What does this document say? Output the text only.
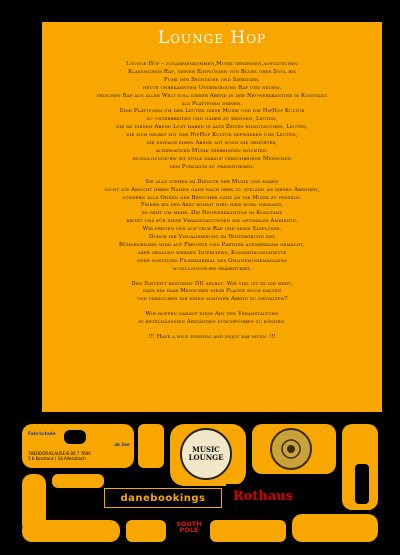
Lounge Hop

Lounge Hop – zusammenkommen,Musik geniessen,austauschen
Klassischem Rap, seinen Einflüssen von Blues über Soul bis
Funk der Sechziger und Siebziger,
heute unbekanntem Underground Rap und neuem,
frischen Rap aus aller Welt soll dieser Abend in der Neuwerkkantine in Konstanz
als Plattform dienen.
Eine Plattform um den Leuten diese Musik und die HipHop Kultur
zu unterbreiten und näher zu bringen, Leuten,
die an diesem Abend Lust haben in alte Zeiten einzutauchen, Leuten,
die sich selbst mit der HipHop Kultur definieren und Leuten,
die einfach einen Abend mit noch nie gehörter,
alternativer Musik verbringen möchten.
musiclounge-bw ist stolz darauf verschiedene Menschen
dem Publikum zu präsentieren.

Sie alle stehen im Dienste der Musik und haben
nicht die Absicht ihren Namen ganz nach oben zu stellen an diesen Abenden,
sondern alle Ohren der Besucher ganz an die Musik zu fesseln.
Feiern bis der Arzt kommt wird hier wohl niemand,
es geht um mehr. Die Neuwerkkantine in Konstanz
bietet uns für diese Veranstaltungen ein optimales Ambiente.
Wir freuen uns auf true Rap und seine Einflüsse.
Durch die Visualisierung im Hintergrund des
Bühnenbildes wird auf Freunde und Partner aufmerksam gemacht,
aber genauso werden Interviews, Konzertausschnitte
oder sonstiges Filmmaterial des Onlinemusikmagazins
musiclounge-bw präsentiert.

Den Eintritt bestimmt DU selbst. Wie viel ist es dir wert,
dass ein paar Menschen diese Flagge hoch halten
und versuchen dir einen schönen Abend zu gestalten?

Wir hoffen darauf diese Art der Veranstaltung
in regelmässigen Abständen durchführen zu können.

!!! Have a nice evening and enjoy rap music !!!

Fahrschule
THEODOR-KLAUSE-B 80 7 7600
5 b Konstanz | 16 Allensbach
ab See
MUSIC
LOUNGE
danebookings	Rothaus
SOUTH
POLE
